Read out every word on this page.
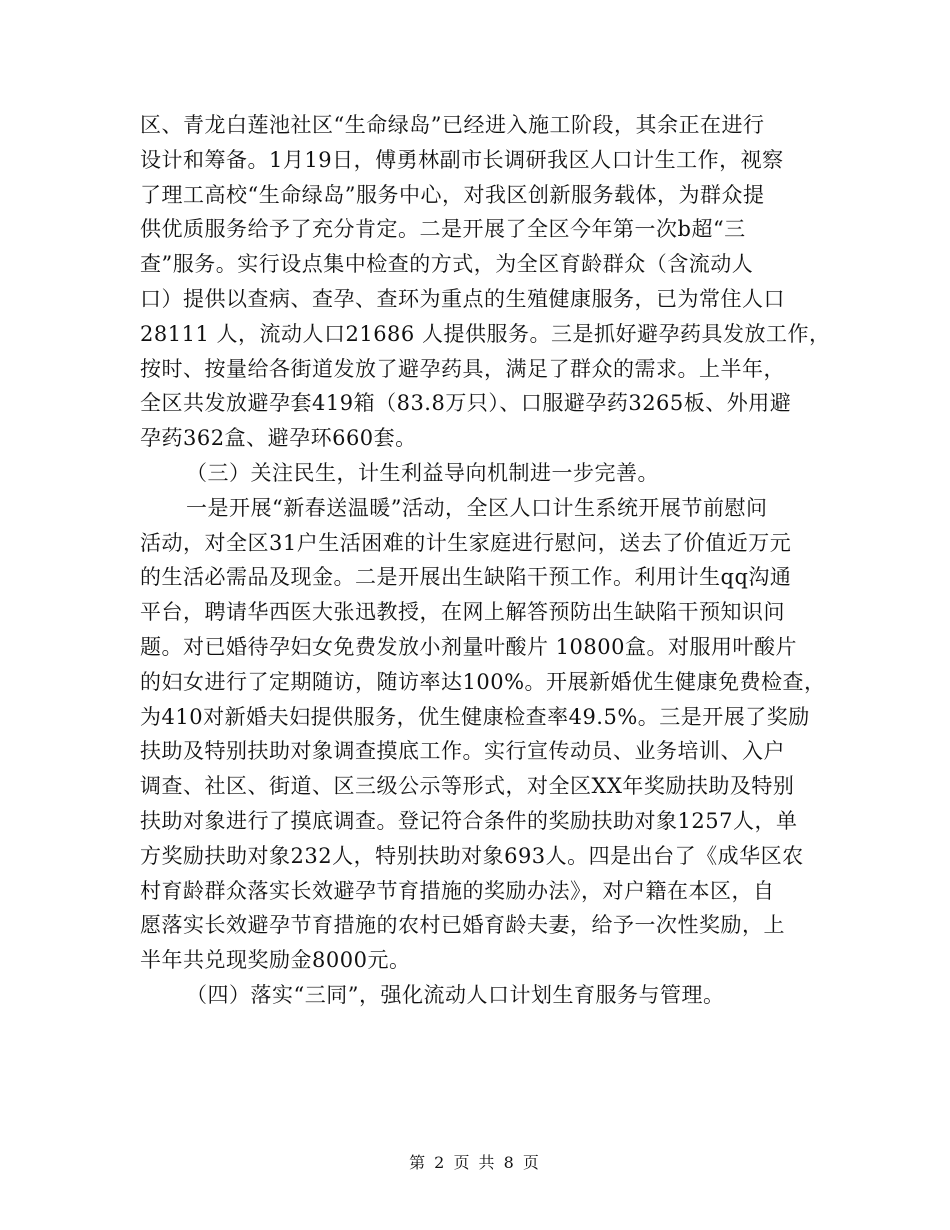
区、青龙白莲池社区“生命绿岛”已经进入施工阶段，其余正在进行
设计和筹备。1月19日，傅勇林副市长调研我区人口计生工作，视察
了理工高校“生命绿岛”服务中心，对我区创新服务载体，为群众提
供优质服务给予了充分肯定。二是开展了全区今年第一次b超“三
查”服务。实行设点集中检查的方式，为全区育龄群众（含流动人
口）提供以查病、查孕、查环为重点的生殖健康服务，已为常住人口
28111 人，流动人口21686 人提供服务。三是抓好避孕药具发放工作，
按时、按量给各街道发放了避孕药具，满足了群众的需求。上半年，
全区共发放避孕套419箱（83.8万只）、口服避孕药3265板、外用避
孕药362盒、避孕环660套。
（三）关注民生，计生利益导向机制进一步完善。
一是开展“新春送温暖”活动，全区人口计生系统开展节前慰问
活动，对全区31户生活困难的计生家庭进行慰问，送去了价值近万元
的生活必需品及现金。二是开展出生缺陷干预工作。利用计生qq沟通
平台，聘请华西医大张迅教授，在网上解答预防出生缺陷干预知识问
题。对已婚待孕妇女免费发放小剂量叶酸片 10800盒。对服用叶酸片
的妇女进行了定期随访，随访率达100%。开展新婚优生健康免费检查，
为410对新婚夫妇提供服务，优生健康检查率49.5%。三是开展了奖励
扶助及特别扶助对象调查摸底工作。实行宣传动员、业务培训、入户
调查、社区、街道、区三级公示等形式，对全区XX年奖励扶助及特别
扶助对象进行了摸底调查。登记符合条件的奖励扶助对象1257人，单
方奖励扶助对象232人，特别扶助对象693人。四是出台了《成华区农
村育龄群众落实长效避孕节育措施的奖励办法》，对户籍在本区，自
愿落实长效避孕节育措施的农村已婚育龄夫妻，给予一次性奖励，上
半年共兑现奖励金8000元。
（四）落实“三同”，强化流动人口计划生育服务与管理。
第 2 页 共 8 页
